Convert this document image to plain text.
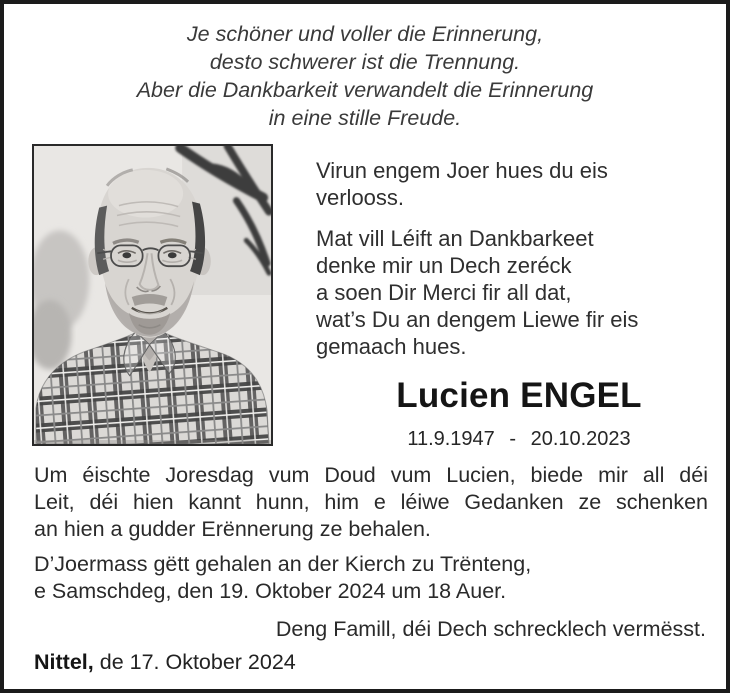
Je schöner und voller die Erinnerung,
desto schwerer ist die Trennung.
Aber die Dankbarkeit verwandelt die Erinnerung
in eine stille Freude.
Virun engem Joer hues du eis
verlooss.
Mat vill Léift an Dankbarkeet
denke mir un Dech zeréck
a soen Dir Merci fir all dat,
wat’s Du an dengem Liewe fir eis
gemaach hues.
Lucien ENGEL
11.9.1947 - 20.10.2023
Um éischte Joresdag vum Doud vum Lucien, biede mir all déi
Leit, déi hien kannt hunn, him e léiwe Gedanken ze schenken
an hien a gudder Erënnerung ze behalen.
D’Joermass gëtt gehalen an der Kierch zu Trënteng,
e Samschdeg, den 19. Oktober 2024 um 18 Auer.
Deng Famill, déi Dech schrecklech vermësst.
Nittel, de 17. Oktober 2024
